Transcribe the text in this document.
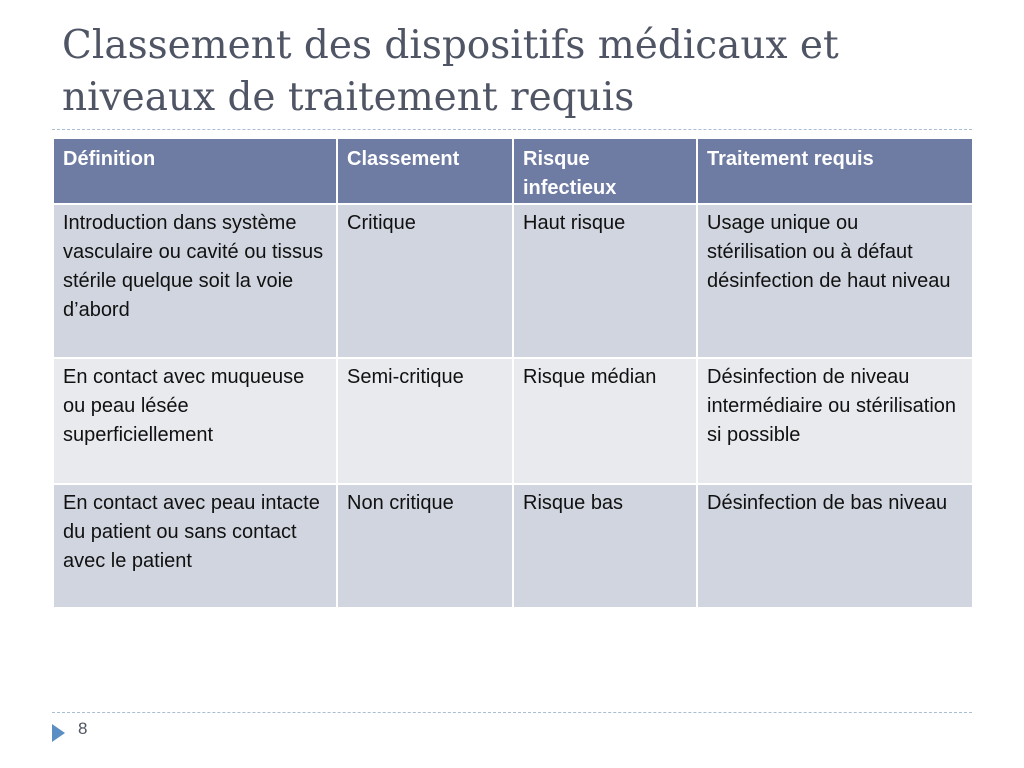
Classement des dispositifs médicaux et
niveaux de traitement requis
Définition	Classement	Risque infectieux	Traitement requis
Introduction dans système vasculaire ou cavité ou tissus stérile quelque soit la voie d’abord	Critique	Haut risque	Usage unique ou stérilisation ou à défaut désinfection de haut niveau
En contact avec muqueuse ou peau lésée superficiellement	Semi-critique	Risque médian	Désinfection de niveau intermédiaire ou stérilisation si possible
En contact avec peau intacte du patient ou sans contact avec le patient	Non critique	Risque bas	Désinfection de bas niveau
8
